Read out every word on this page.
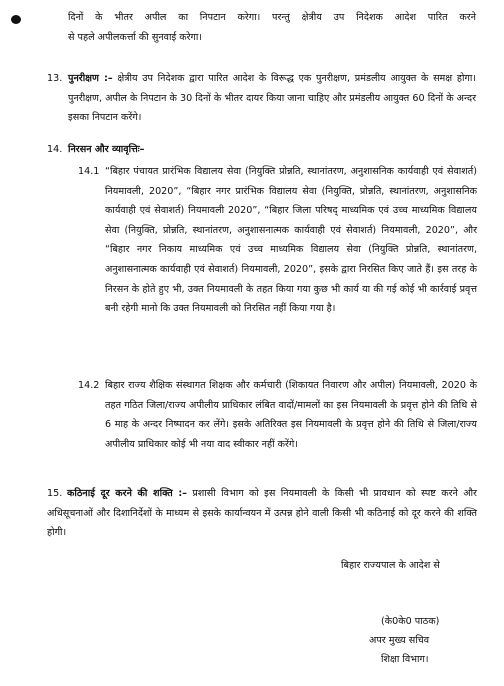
दिनों के भीतर अपील का निपटान करेगा। परन्तु क्षेत्रीय उप निदेशक आदेश पारित करने

से पहले अपीलकर्त्ता की सुनवाई करेगा।

13. पुनरीक्षण :– क्षेत्रीय उप निदेशक द्वारा पारित आदेश के विरूद्ध एक पुनरीक्षण, प्रमंडलीय आयुक्त के समक्ष होगा। पुनरीक्षण, अपील के निपटान के 30 दिनों के भीतर दायर किया जाना चाहिए और प्रमंडलीय आयुक्त 60 दिनों के अन्दर इसका निपटान करेंगे।

14. निरसन और व्यावृत्तिः–
14.1 “बिहार पंचायत प्रारंभिक विद्यालय सेवा (नियुक्ति प्रोन्नति, स्थानांतरण, अनुशासनिक कार्यवाही एवं सेवाशर्त) नियमावली, 2020”, “बिहार नगर प्रारंभिक विद्यालय सेवा (नियुक्ति, प्रोन्नति, स्थानांतरण, अनुशासनिक कार्यवाही एवं सेवाशर्त) नियमावली 2020”, “बिहार जिला परिषद् माध्यमिक एवं उच्च माध्यमिक विद्यालय सेवा (नियुक्ति, प्रोन्नति, स्थानांतरण, अनुशासनात्मक कार्यवाही एवं सेवाशर्त) नियमावली, 2020”, और “बिहार नगर निकाय माध्यमिक एवं उच्च माध्यमिक विद्यालय सेवा (नियुक्ति प्रोन्नति, स्थानांतरण, अनुशासनात्मक कार्यवाही एवं सेवाशर्त) नियमावली, 2020”, इसके द्वारा निरसित किए जाते हैं। इस तरह के निरसन के होते हुए भी, उक्त नियमावली के तहत किया गया कुछ भी कार्य या की गई कोई भी कार्रवाई प्रवृत्त बनी रहेगी मानो कि उक्त नियमावली को निरसित नहीं किया गया है।

14.2 बिहार राज्य शैक्षिक संस्थागत शिक्षक और कर्मचारी (शिकायत निवारण और अपील) नियमावली, 2020 के तहत गठित जिला/राज्य अपीलीय प्राधिकार लंबित वादों/मामलों का इस नियमावली के प्रवृत्त होने की तिथि से 6 माह के अन्दर निष्पादन कर लेंगे। इसके अतिरिक्त इस नियमावली के प्रवृत्त होने की तिथि से जिला/राज्य अपीलीय प्राधिकार कोई भी नया वाद स्वीकार नहीं करेंगे।

15. कठिनाई दूर करने की शक्ति :– प्रशासी विभाग को इस नियमावली के किसी भी प्रावधान को स्पष्ट करने और अधिसूचनाओं और दिशानिर्देशों के माध्यम से इसके कार्यान्वयन में उत्पन्न होने वाली किसी भी कठिनाई को दूर करने की शक्ति होगी।

बिहार राज्यपाल के आदेश से
(के0के0 पाठक)
अपर मुख्य सचिव
शिक्षा विभाग।
